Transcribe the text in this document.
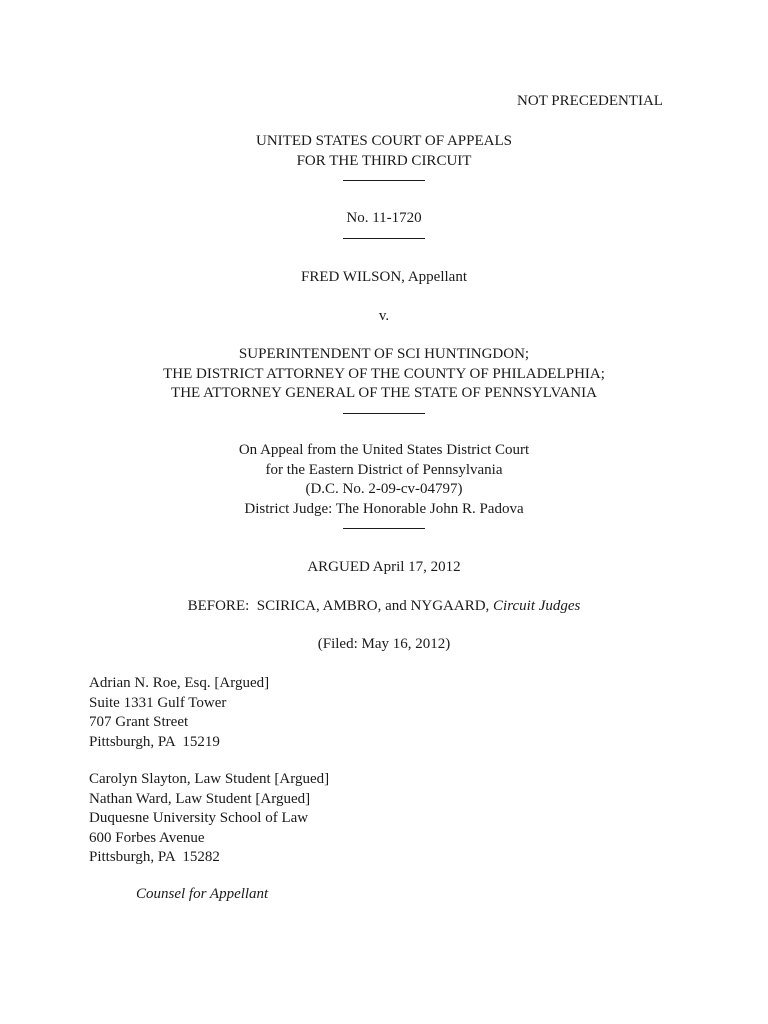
NOT PRECEDENTIAL
UNITED STATES COURT OF APPEALS
FOR THE THIRD CIRCUIT
No. 11-1720
FRED WILSON, Appellant
v.
SUPERINTENDENT OF SCI HUNTINGDON;
THE DISTRICT ATTORNEY OF THE COUNTY OF PHILADELPHIA;
THE ATTORNEY GENERAL OF THE STATE OF PENNSYLVANIA
On Appeal from the United States District Court
for the Eastern District of Pennsylvania
(D.C. No. 2-09-cv-04797)
District Judge: The Honorable John R. Padova
ARGUED April 17, 2012
BEFORE:  SCIRICA, AMBRO, and NYGAARD, Circuit Judges
(Filed: May 16, 2012)
Adrian N. Roe, Esq. [Argued]
Suite 1331 Gulf Tower
707 Grant Street
Pittsburgh, PA  15219
Carolyn Slayton, Law Student [Argued]
Nathan Ward, Law Student [Argued]
Duquesne University School of Law
600 Forbes Avenue
Pittsburgh, PA  15282
Counsel for Appellant
